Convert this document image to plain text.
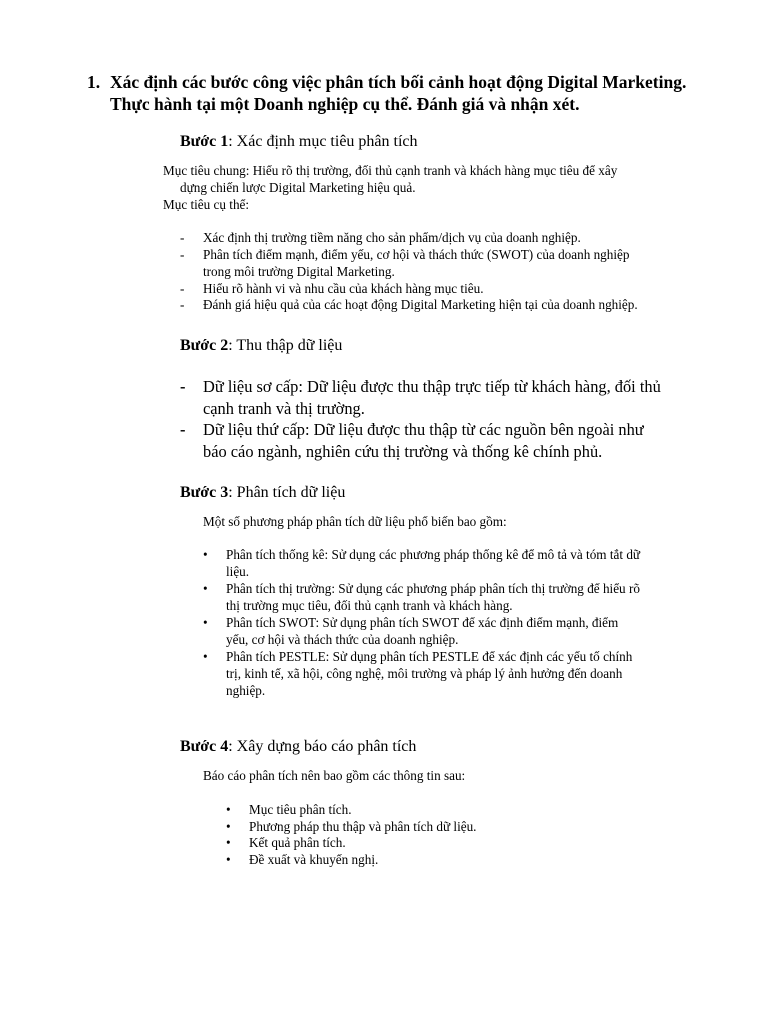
1. Xác định các bước công việc phân tích bối cảnh hoạt động Digital Marketing.
Thực hành tại một Doanh nghiệp cụ thể. Đánh giá và nhận xét.
Bước 1: Xác định mục tiêu phân tích
Mục tiêu chung: Hiểu rõ thị trường, đối thủ cạnh tranh và khách hàng mục tiêu để xây
dựng chiến lược Digital Marketing hiệu quả.
Mục tiêu cụ thể:
- Xác định thị trường tiềm năng cho sản phẩm/dịch vụ của doanh nghiệp.
- Phân tích điểm mạnh, điểm yếu, cơ hội và thách thức (SWOT) của doanh nghiệp
trong môi trường Digital Marketing.
- Hiểu rõ hành vi và nhu cầu của khách hàng mục tiêu.
- Đánh giá hiệu quả của các hoạt động Digital Marketing hiện tại của doanh nghiệp.
Bước 2: Thu thập dữ liệu
- Dữ liệu sơ cấp: Dữ liệu được thu thập trực tiếp từ khách hàng, đối thủ
cạnh tranh và thị trường.
- Dữ liệu thứ cấp: Dữ liệu được thu thập từ các nguồn bên ngoài như
báo cáo ngành, nghiên cứu thị trường và thống kê chính phủ.
Bước 3: Phân tích dữ liệu
Một số phương pháp phân tích dữ liệu phổ biến bao gồm:
• Phân tích thống kê: Sử dụng các phương pháp thống kê để mô tả và tóm tắt dữ
liệu.
• Phân tích thị trường: Sử dụng các phương pháp phân tích thị trường để hiểu rõ
thị trường mục tiêu, đối thủ cạnh tranh và khách hàng.
• Phân tích SWOT: Sử dụng phân tích SWOT để xác định điểm mạnh, điểm
yếu, cơ hội và thách thức của doanh nghiệp.
• Phân tích PESTLE: Sử dụng phân tích PESTLE để xác định các yếu tố chính
trị, kinh tế, xã hội, công nghệ, môi trường và pháp lý ảnh hưởng đến doanh
nghiệp.
Bước 4: Xây dựng báo cáo phân tích
Báo cáo phân tích nên bao gồm các thông tin sau:
• Mục tiêu phân tích.
• Phương pháp thu thập và phân tích dữ liệu.
• Kết quả phân tích.
• Đề xuất và khuyến nghị.
